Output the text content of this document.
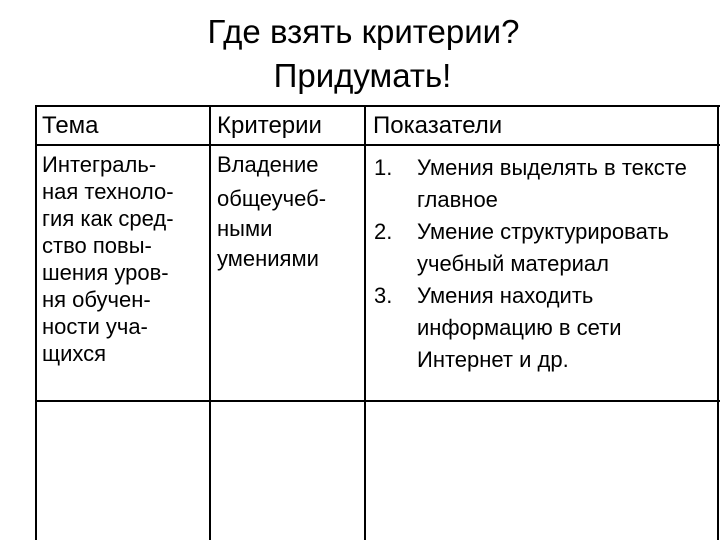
Где взять критерии?
Придумать!
Тема	Критерии Показатели
Интеграль-
ная техноло-
гия как сред-
ство повы-
шения уров-
ня обучен-
ности уча-
щихся
Владение
общеучеб-
ными
умениями
1. Умения выделять в тексте
главное
2. Умение структурировать
учебный материал
3. Умения находить
информацию в сети
Интернет и др.
